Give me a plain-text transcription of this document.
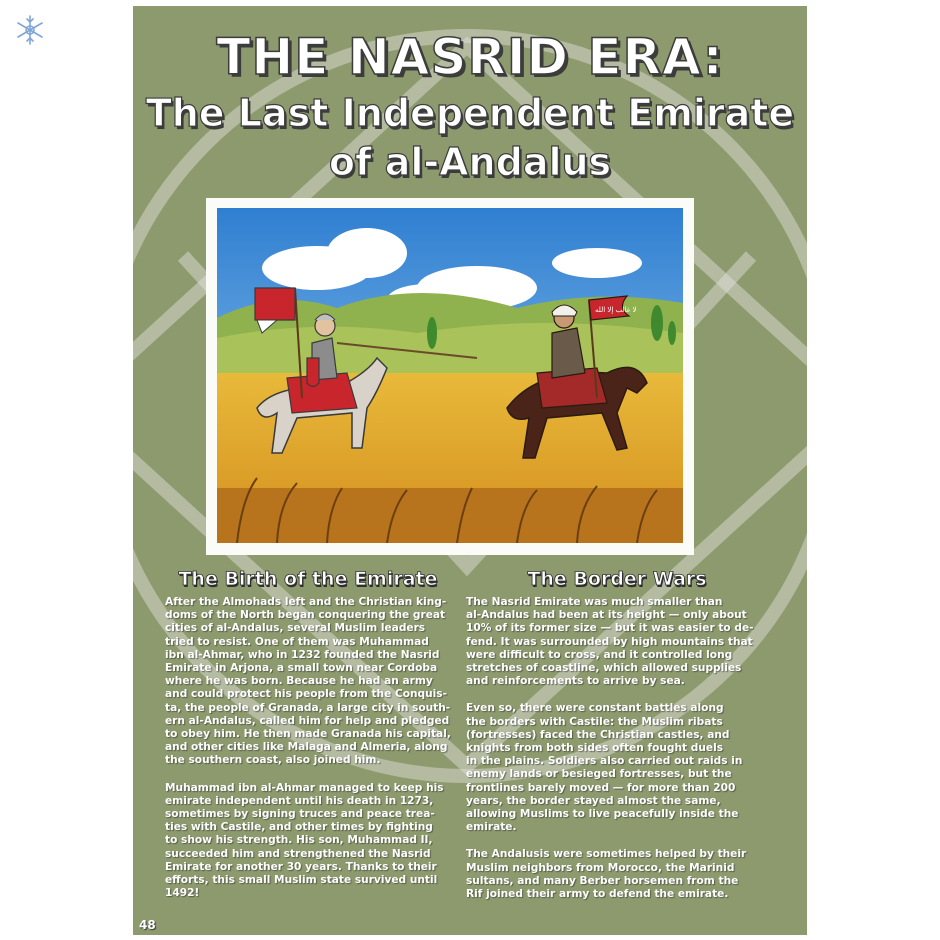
THE NASRID ERA:
The Last Independent Emirate
of al-Andalus
لا غالب إلا الله
The Birth of the Emirate	The Border Wars

After the Almohads left and the Christian king-
doms of the North began conquering the great
cities of al-Andalus, several Muslim leaders
tried to resist. One of them was Muhammad
ibn al-Ahmar, who in 1232 founded the Nasrid
Emirate in Arjona, a small town near Cordoba
where he was born. Because he had an army
and could protect his people from the Conquis-
ta, the people of Granada, a large city in south-
ern al-Andalus, called him for help and pledged
to obey him. He then made Granada his capital,
and other cities like Malaga and Almeria, along
the southern coast, also joined him.

Muhammad ibn al-Ahmar managed to keep his
emirate independent until his death in 1273,
sometimes by signing truces and peace trea-
ties with Castile, and other times by fighting
to show his strength. His son, Muhammad II,
succeeded him and strengthened the Nasrid
Emirate for another 30 years. Thanks to their
efforts, this small Muslim state survived until
1492!

The Nasrid Emirate was much smaller than
al-Andalus had been at its height — only about
10% of its former size — but it was easier to de-
fend. It was surrounded by high mountains that
were difficult to cross, and it controlled long
stretches of coastline, which allowed supplies
and reinforcements to arrive by sea.

Even so, there were constant battles along
the borders with Castile: the Muslim ribats
(fortresses) faced the Christian castles, and
knights from both sides often fought duels
in the plains. Soldiers also carried out raids in
enemy lands or besieged fortresses, but the
frontlines barely moved — for more than 200
years, the border stayed almost the same,
allowing Muslims to live peacefully inside the
emirate.

The Andalusis were sometimes helped by their
Muslim neighbors from Morocco, the Marinid
sultans, and many Berber horsemen from the
Rif joined their army to defend the emirate.

48
